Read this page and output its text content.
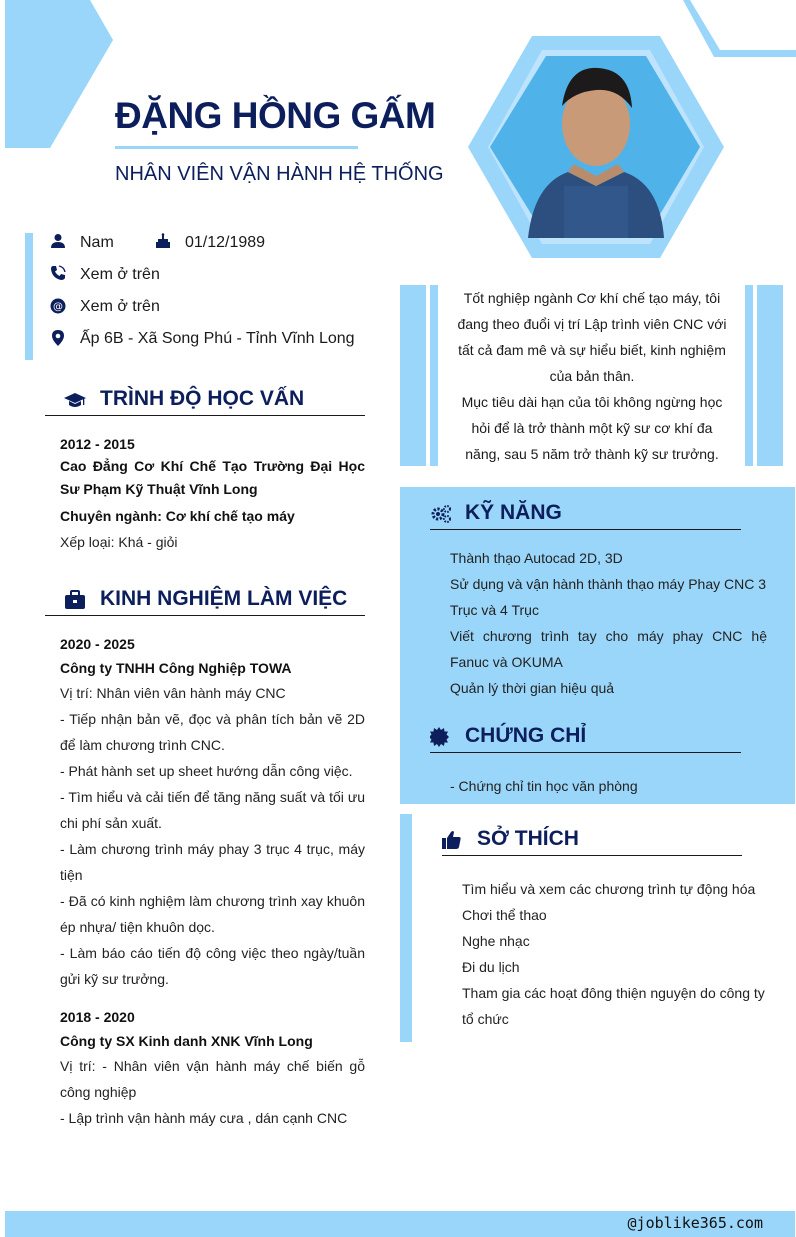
ĐẶNG HỒNG GẤM
NHÂN VIÊN VẬN HÀNH HỆ THỐNG
Nam	01/12/1989
Xem ở trên
@ Xem ở trên
Ấp 6B - Xã Song Phú - Tỉnh Vĩnh Long
TRÌNH ĐỘ HỌC VẤN
2012 - 2015
Cao Đẳng Cơ Khí Chế Tạo Trường Đại Học Sư Phạm Kỹ Thuật Vĩnh Long
Chuyên ngành: Cơ khí chế tạo máy
Xếp loại: Khá - giỏi
KINH NGHIỆM LÀM VIỆC
2020 - 2025
Công ty TNHH Công Nghiệp TOWA
Vị trí: Nhân viên vân hành máy CNC
- Tiếp nhận bản vẽ, đọc và phân tích bản vẽ 2D để làm chương trình CNC.
- Phát hành set up sheet hướng dẫn công việc.
- Tìm hiểu và cải tiến để tăng năng suất và tối ưu chi phí sản xuất.
- Làm chương trình máy phay 3 trục 4 trục, máy tiện
- Đã có kinh nghiệm làm chương trình xay khuôn ép nhựa/ tiện khuôn dọc.
- Làm báo cáo tiến độ công việc theo ngày/tuần gửi kỹ sư trưởng.
2018 - 2020
Công ty SX Kinh danh XNK Vĩnh Long
Vị trí: - Nhân viên vận hành máy chế biến gỗ công nghiệp
- Lập trình vận hành máy cưa , dán cạnh CNC
Tốt nghiệp ngành Cơ khí chế tạo máy, tôi đang theo đuổi vị trí Lập trình viên CNC với tất cả đam mê và sự hiểu biết, kinh nghiệm của bản thân.
Mục tiêu dài hạn của tôi không ngừng học hỏi để là trở thành một kỹ sư cơ khí đa năng, sau 5 năm trở thành kỹ sư trưởng.
KỸ NĂNG
Thành thạo Autocad 2D, 3D
Sử dụng và vận hành thành thạo máy Phay CNC 3 Trục và 4 Trục
Viết chương trình tay cho máy phay CNC hệ Fanuc và OKUMA
Quản lý thời gian hiệu quả
CHỨNG CHỈ
- Chứng chỉ tin học văn phòng
SỞ THÍCH
Tìm hiểu và xem các chương trình tự động hóa
Chơi thể thao
Nghe nhạc
Đi du lịch
Tham gia các hoạt đông thiện nguyện do công ty tổ chức
@joblike365.com
